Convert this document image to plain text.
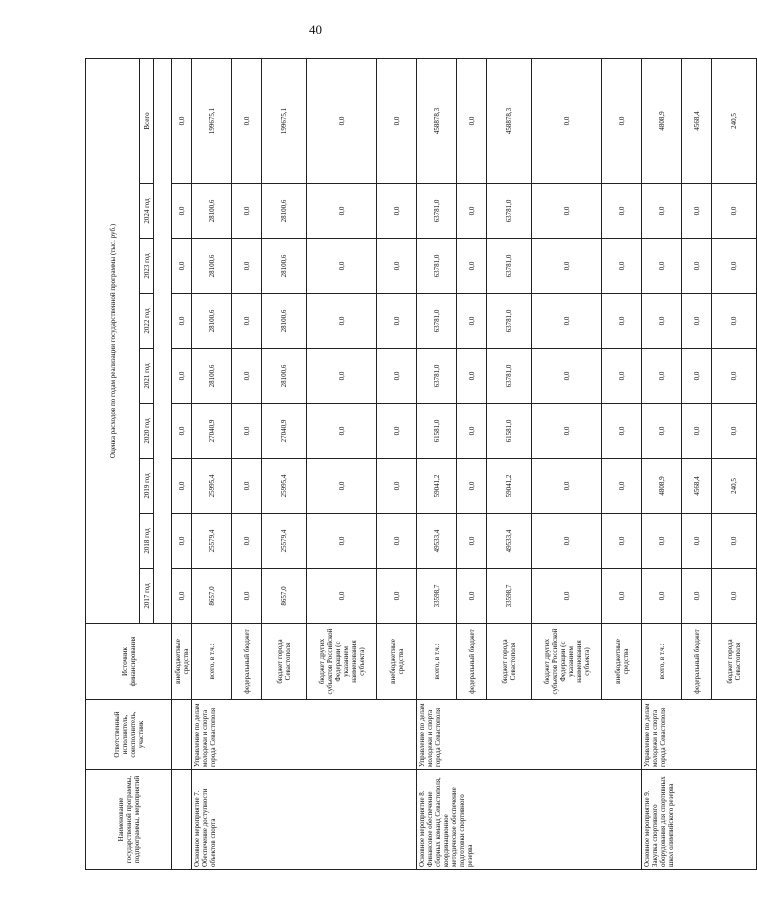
40
Наименование государственной программы, подпрограммы, мероприятий	Ответственный исполнитель, соисполнитель, участник	Источник финансирования	Оценка расходов по годам реализации государственной программы (тыс. руб.)								
			2017 год	2018 год	2019 год	2020 год	2021 год	2022 год	2023 год	2024 год	Всего

		внебюджетные средства	0,0	0,0	0,0	0,0	0,0	0,0	0,0	0,0	0,0
Основное мероприятие 7. Обеспечение доступности объектов спорта	Управление по делам молодежи и спорта города Севастополя	всего, в т.ч.:	8657,0	25579,4	25995,4	27040,9	28100,6	28100,6	28100,6	28100,6	199675,1
		федеральный бюджет	0,0	0,0	0,0	0,0	0,0	0,0	0,0	0,0	0,0
		бюджет города Севастополя	8657,0	25579,4	25995,4	27040,9	28100,6	28100,6	28100,6	28100,6	199675,1
		бюджет других субъектов Российской Федерации (с указанием наименования субъекта)	0,0	0,0	0,0	0,0	0,0	0,0	0,0	0,0	0,0
		внебюджетные средства	0,0	0,0	0,0	0,0	0,0	0,0	0,0	0,0	0,0
Основное мероприятие 8. Финансовое обеспечение сборных команд Севастополя, координационное методическое обеспечение подготовки спортивного резерва	Управление по делам молодежи и спорта города Севастополя	всего, в т.ч.:	33598,7	49533,4	59041,2	61581,0	63781,0	63781,0	63781,0	63781,0	458878,3
		федеральный бюджет	0,0	0,0	0,0	0,0	0,0	0,0	0,0	0,0	0,0
		бюджет города Севастополя	33598,7	49533,4	59041,2	61581,0	63781,0	63781,0	63781,0	63781,0	458878,3
		бюджет других субъектов Российской Федерации (с указанием наименования субъекта)	0,0	0,0	0,0	0,0	0,0	0,0	0,0	0,0	0,0
		внебюджетные средства	0,0	0,0	0,0	0,0	0,0	0,0	0,0	0,0	0,0
Основное мероприятие 9. Закупка спортивного оборудования для спортивных школ олимпийского резерва	Управление по делам молодежи и спорта города Севастополя	всего, в т.ч.:	0,0	0,0	4808,9	0,0	0,0	0,0	0,0	0,0	4808,9
		федеральный бюджет	0,0	0,0	4568,4	0,0	0,0	0,0	0,0	0,0	4568,4
		бюджет города Севастополя	0,0	0,0	240,5	0,0	0,0	0,0	0,0	0,0	240,5
